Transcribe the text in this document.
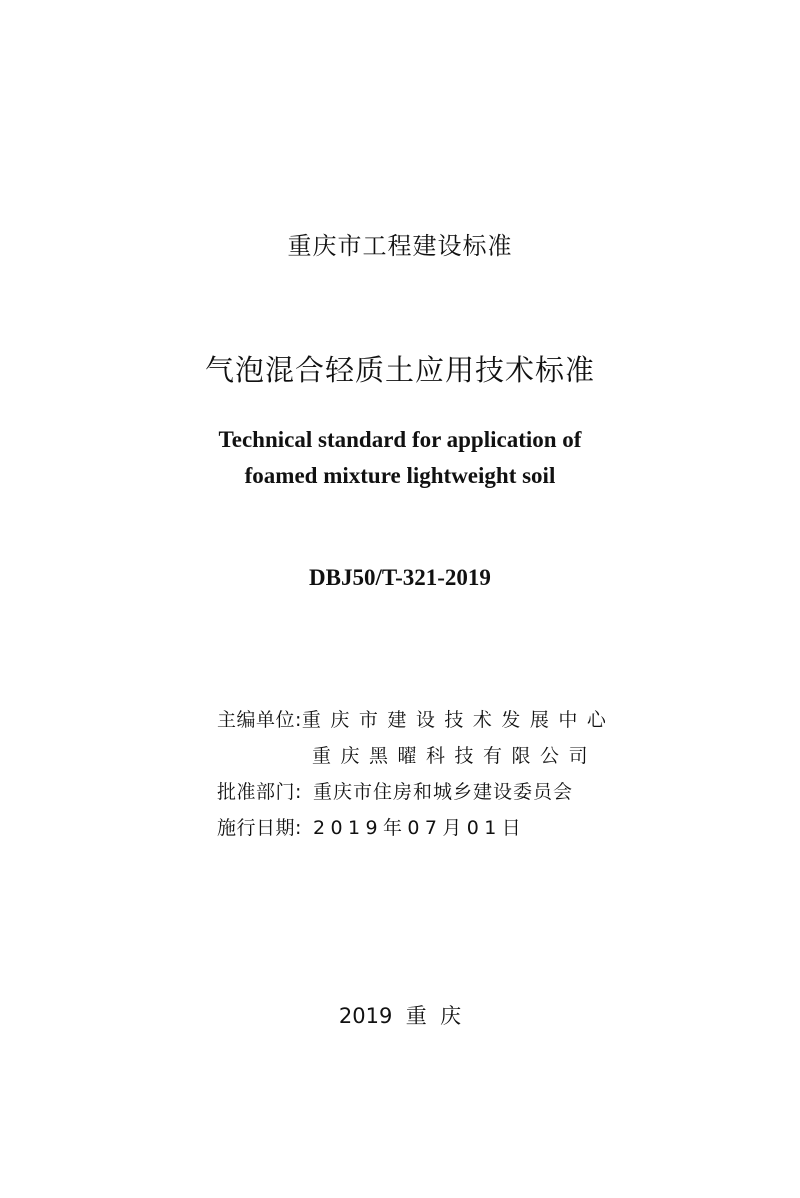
重庆市工程建设标准
气泡混合轻质土应用技术标准
Technical standard for application of
foamed mixture lightweight soil
DBJ50/T-321-2019
主编单位: 重庆市建设技术发展中心
重庆黑曜科技有限公司
批准部门: 重庆市住房和城乡建设委员会
施行日期: 2019年07月01日
2019  重  庆
